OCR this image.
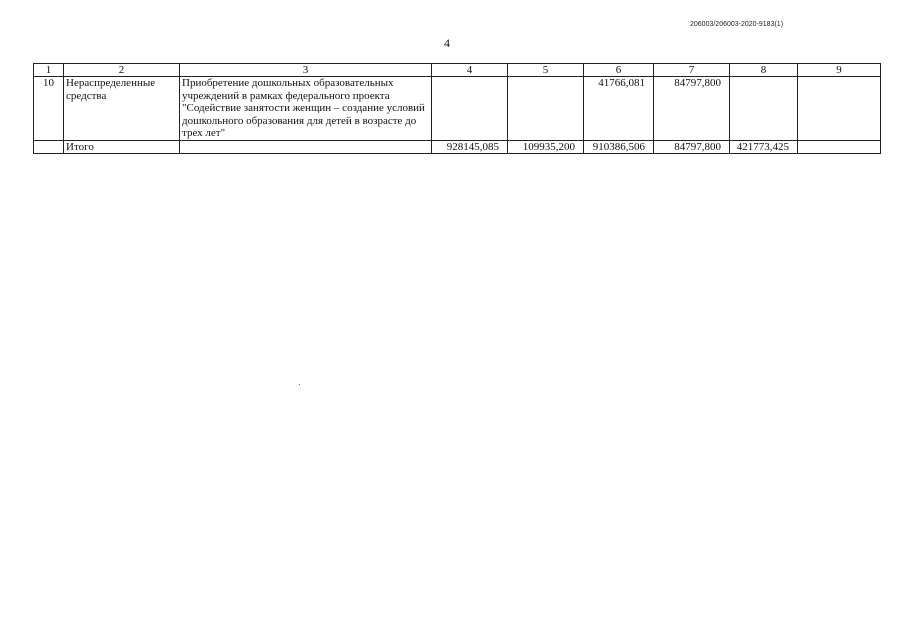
206003/206003-2020-9183(1)
4
1	2	3	4	5	6	7	8	9
10	Нераспределенные средства	Приобретение дошкольных образовательных учреждений в рамках федерального проекта "Содействие занятости женщин – создание условий дошкольного образования для детей в возрасте до трех лет"			41766,081	84797,800		
	Итого		928145,085	109935,200	910386,506	84797,800	421773,425	
